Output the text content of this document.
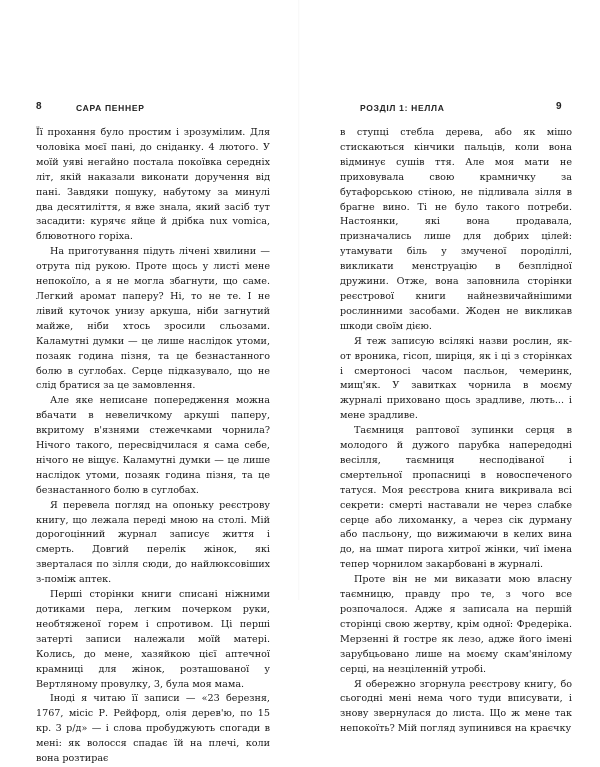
8	САРА ПЕННЕР

Її прохання було простим і зрозумілим. Для чоловіка моєї пані, до сніданку. 4 лютого. У моїй уяві негайно постала покоївка середніх літ, якій наказали виконати доручення від пані. Завдяки пошуку, набутому за минулі два десятиліття, я вже знала, який засіб тут засадити: курячє яйце й дрібка nux vomica, блювотного горіха.

На приготування підуть лічені хвилини — отрута під рукою. Проте щось у листі мене непокоїло, а я не могла збагнути, що саме. Легкий аромат паперу? Ні, то не те. І не лівий куточок унизу аркуша, ніби загнутий майже, ніби хтось зросили сльозами. Каламутні думки — це лише наслідок утоми, позаяк година пізня, та це безнастанного болю в суглобах. Серце підказувало, що не слід братися за це замовлення.

Але яке неписане попередження можна вбачати в невеличкому аркуші паперу, вкритому в'язнями стежечками чорнила? Нічого такого, пересвідчилася я сама себе, нічого не віщує. Каламутні думки — це лише наслідок утоми, позаяк година пізня, та це безнастанного болю в суглобах.

Я перевела погляд на опоньку реєстрову книгу, що лежала переді мною на столі. Мій дорогоцінний журнал записує життя і смерть. Довгий перелік жінок, які зверталася по зілля сюди, до найлюксовіших з-поміж аптек.

Перші сторінки книги списані ніжними дотиками пера, легким почерком руки, необтяженої горем і спротивом. Ці перші затерті записи належали моїй матері. Колись, до мене, хазяйкою цієї аптечної крамниці для жінок, розташованої у Вертляному провулку, 3, була моя мама.

Іноді я читаю її записи — «23 березня, 1767, місіс Р. Рейфорд, олія дерев'ю, по 15 кр. 3 р/д» — і слова пробуджують спогади в мені: як волосся спадає їй на плечі, коли вона розтирає

РОЗДІЛ 1: НЕЛЛА	9

в ступці стебла дерева, або як мішо стискаються кінчики пальців, коли вона відминує сушів ття. Але моя мати не приховувала свою крамничку за бутафорською стіною, не підливала зілля в брагне вино. Ті не було такого потреби. Настоянки, які вона продавала, призначались лише для добрих цілей: утамувати біль у змученої породіллі, викликати менструацію в безплідної дружини. Отже, вона заповнила сторінки реєстрової книги найнезвичайнішими рослинними засобами. Жоден не викликав шкоди своїм дією.

Я теж записую всілякі назви рослин, як-от вроника, гісоп, ширіця, як і ці з сторінках і смертоносі часом пасльон, чемеринк, мищ'як. У завитках чорнила в моєму журналі приховано щось зрадливе, лють... і мене зрадливе.

Таємниця раптової зупинки серця в молодого й дужого парубка напередодні весілля, таємниця несподіваної і смертельної пропасниці в новоспеченого татуся. Моя реєстрова книга викривала всі секрети: смерті наставали не через слабке серце або лихоманку, а через сік дурману або пасльону, що вижимаючи в келих вина до, на шмат пирога хитрої жінки, чиї імена тепер чорнилом закарбовані в журналі.

Проте він не ми виказати мою власну таємницю, правду про те, з чого все розпочалося. Адже я записала на першій сторінці свою жертву, крім одної: Фредеріка. Мерзенні й гостре як лезо, адже його імені зарубцьовано лише на моєму скам'янілому серці, на незціленній утробі.

Я обережно згорнула реєстрову книгу, бо сьогодні мені нема чого туди вписувати, і знову звернулася до листа. Що ж мене так непокоїть? Мій погляд зупинився на краєчку
